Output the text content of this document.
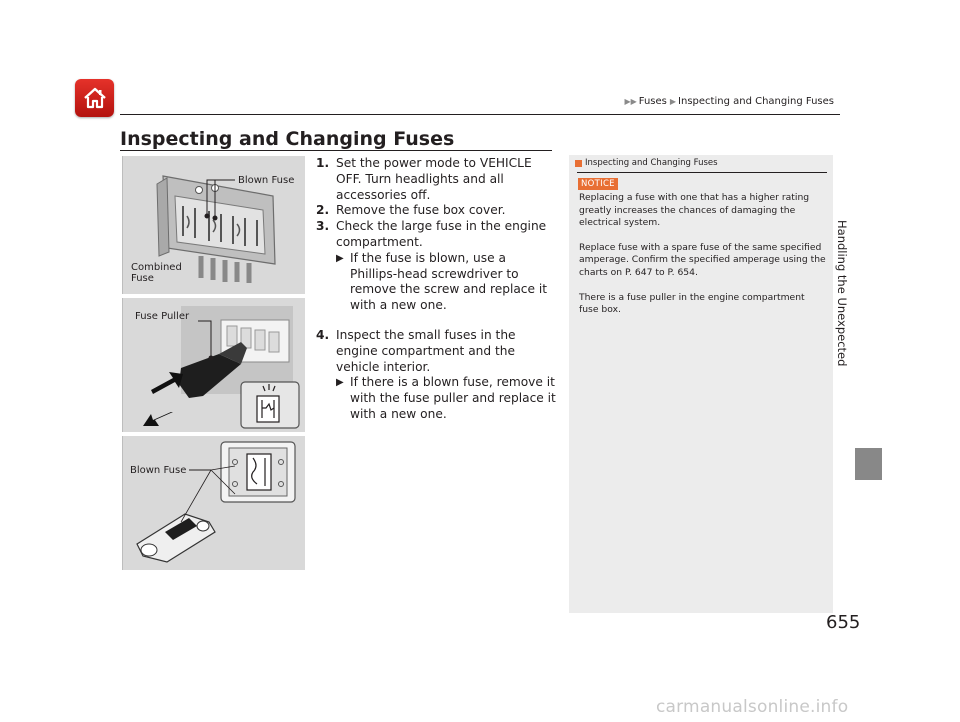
▶▶ Fuses ▶ Inspecting and Changing Fuses
Inspecting and Changing Fuses
Blown Fuse
Combined Fuse
Fuse Puller
Blown Fuse
1. Set the power mode to VEHICLE OFF. Turn headlights and all accessories off.
2. Remove the fuse box cover.
3. Check the large fuse in the engine compartment.
▶ If the fuse is blown, use a Phillips-head screwdriver to remove the screw and replace it with a new one.
4. Inspect the small fuses in the engine compartment and the vehicle interior.
▶ If there is a blown fuse, remove it with the fuse puller and replace it with a new one.
Inspecting and Changing Fuses
NOTICE

Replacing a fuse with one that has a higher rating greatly increases the chances of damaging the electrical system.

Replace fuse with a spare fuse of the same specified amperage. Confirm the specified amperage using the charts on P. 647 to P. 654.

There is a fuse puller in the engine compartment fuse box.	Handling the Unexpected
655
carmanualsonline.info
